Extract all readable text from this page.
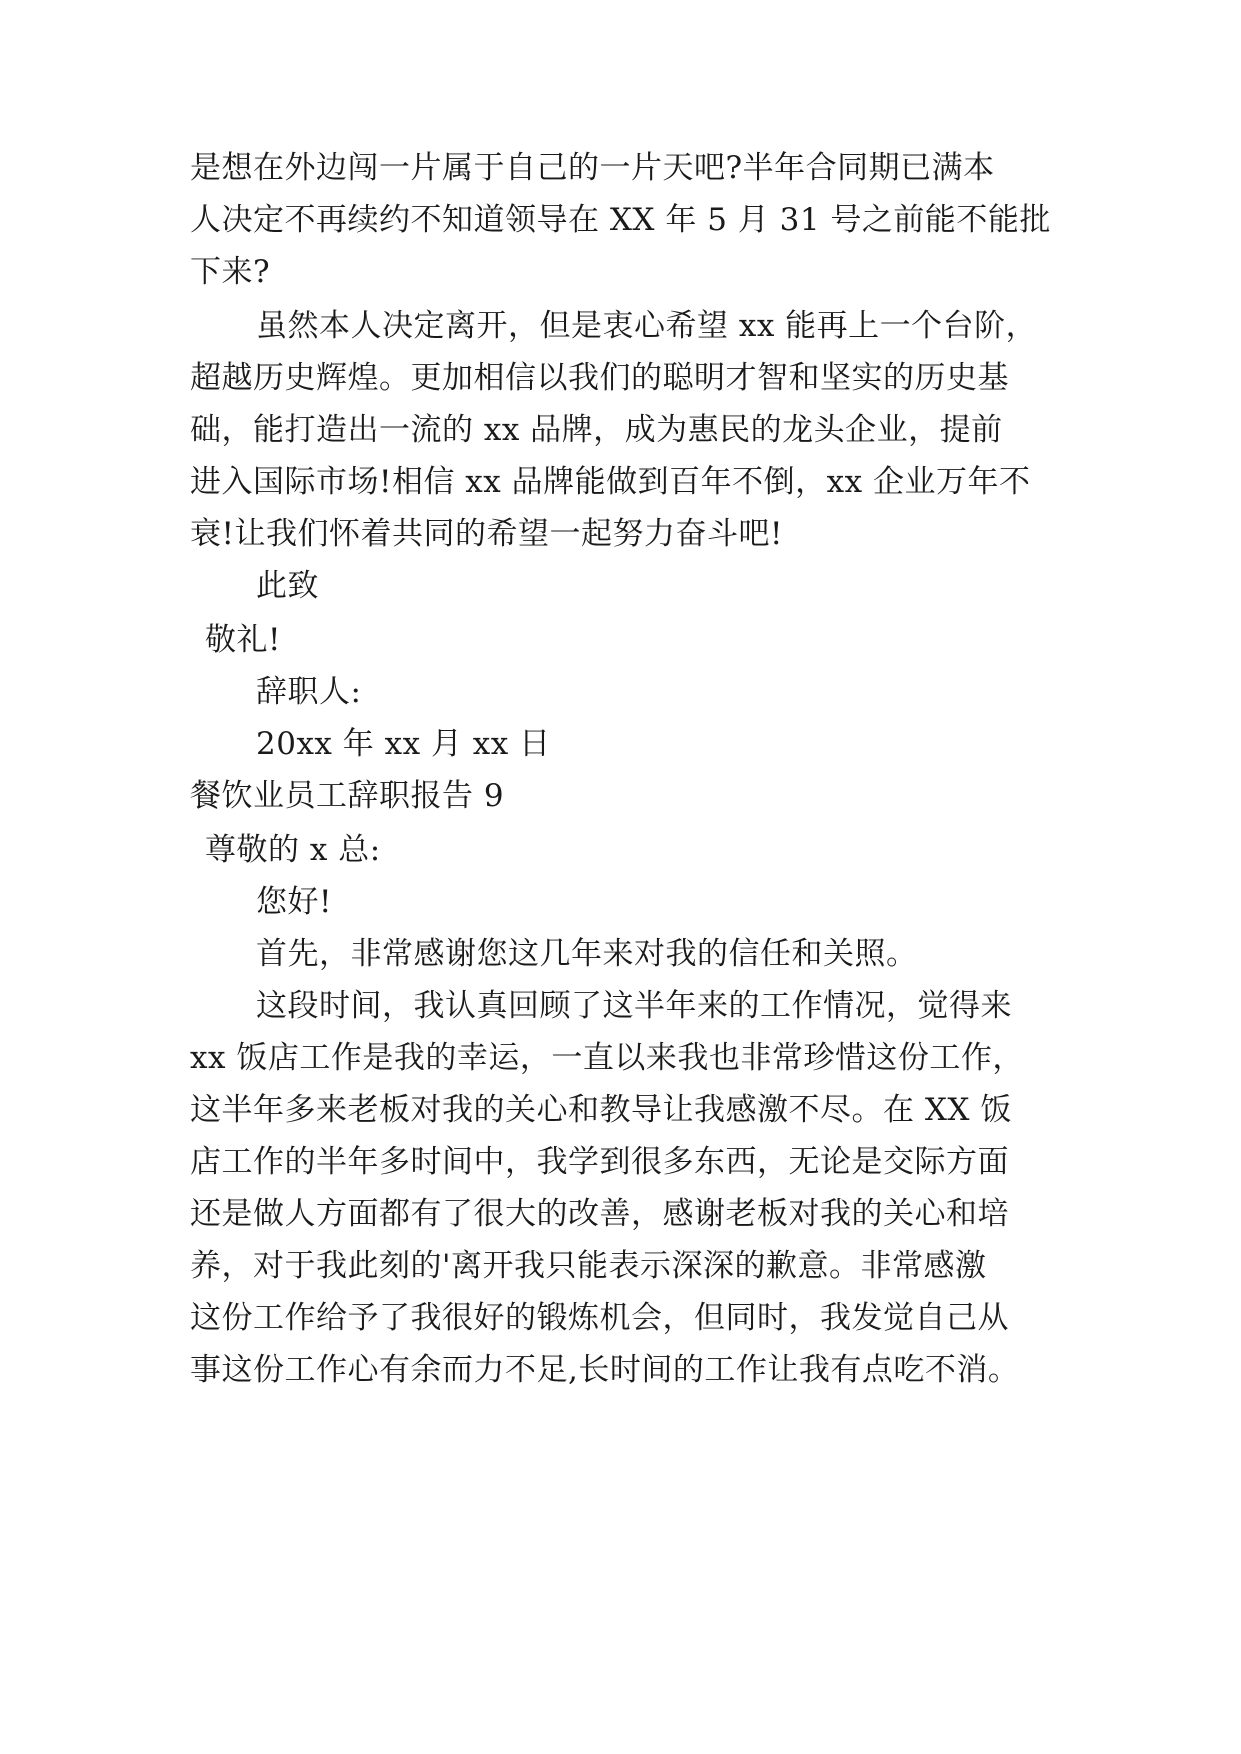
是想在外边闯一片属于自己的一片天吧?半年合同期已满本
人决定不再续约不知道领导在 XX 年 5 月 31 号之前能不能批
下来?
虽然本人决定离开，但是衷心希望 xx 能再上一个台阶，
超越历史辉煌。更加相信以我们的聪明才智和坚实的历史基
础，能打造出一流的 xx 品牌，成为惠民的龙头企业，提前
进入国际市场!相信 xx 品牌能做到百年不倒，xx 企业万年不
衰!让我们怀着共同的希望一起努力奋斗吧!
此致
敬礼!
辞职人:
20xx 年 xx 月 xx 日
餐饮业员工辞职报告 9
尊敬的 x 总:
您好!
首先，非常感谢您这几年来对我的信任和关照。
这段时间，我认真回顾了这半年来的工作情况，觉得来
xx 饭店工作是我的幸运，一直以来我也非常珍惜这份工作，
这半年多来老板对我的关心和教导让我感激不尽。在 XX 饭
店工作的半年多时间中，我学到很多东西，无论是交际方面
还是做人方面都有了很大的改善，感谢老板对我的关心和培
养，对于我此刻的'离开我只能表示深深的歉意。非常感激
这份工作给予了我很好的锻炼机会，但同时，我发觉自己从
事这份工作心有余而力不足,长时间的工作让我有点吃不消。
